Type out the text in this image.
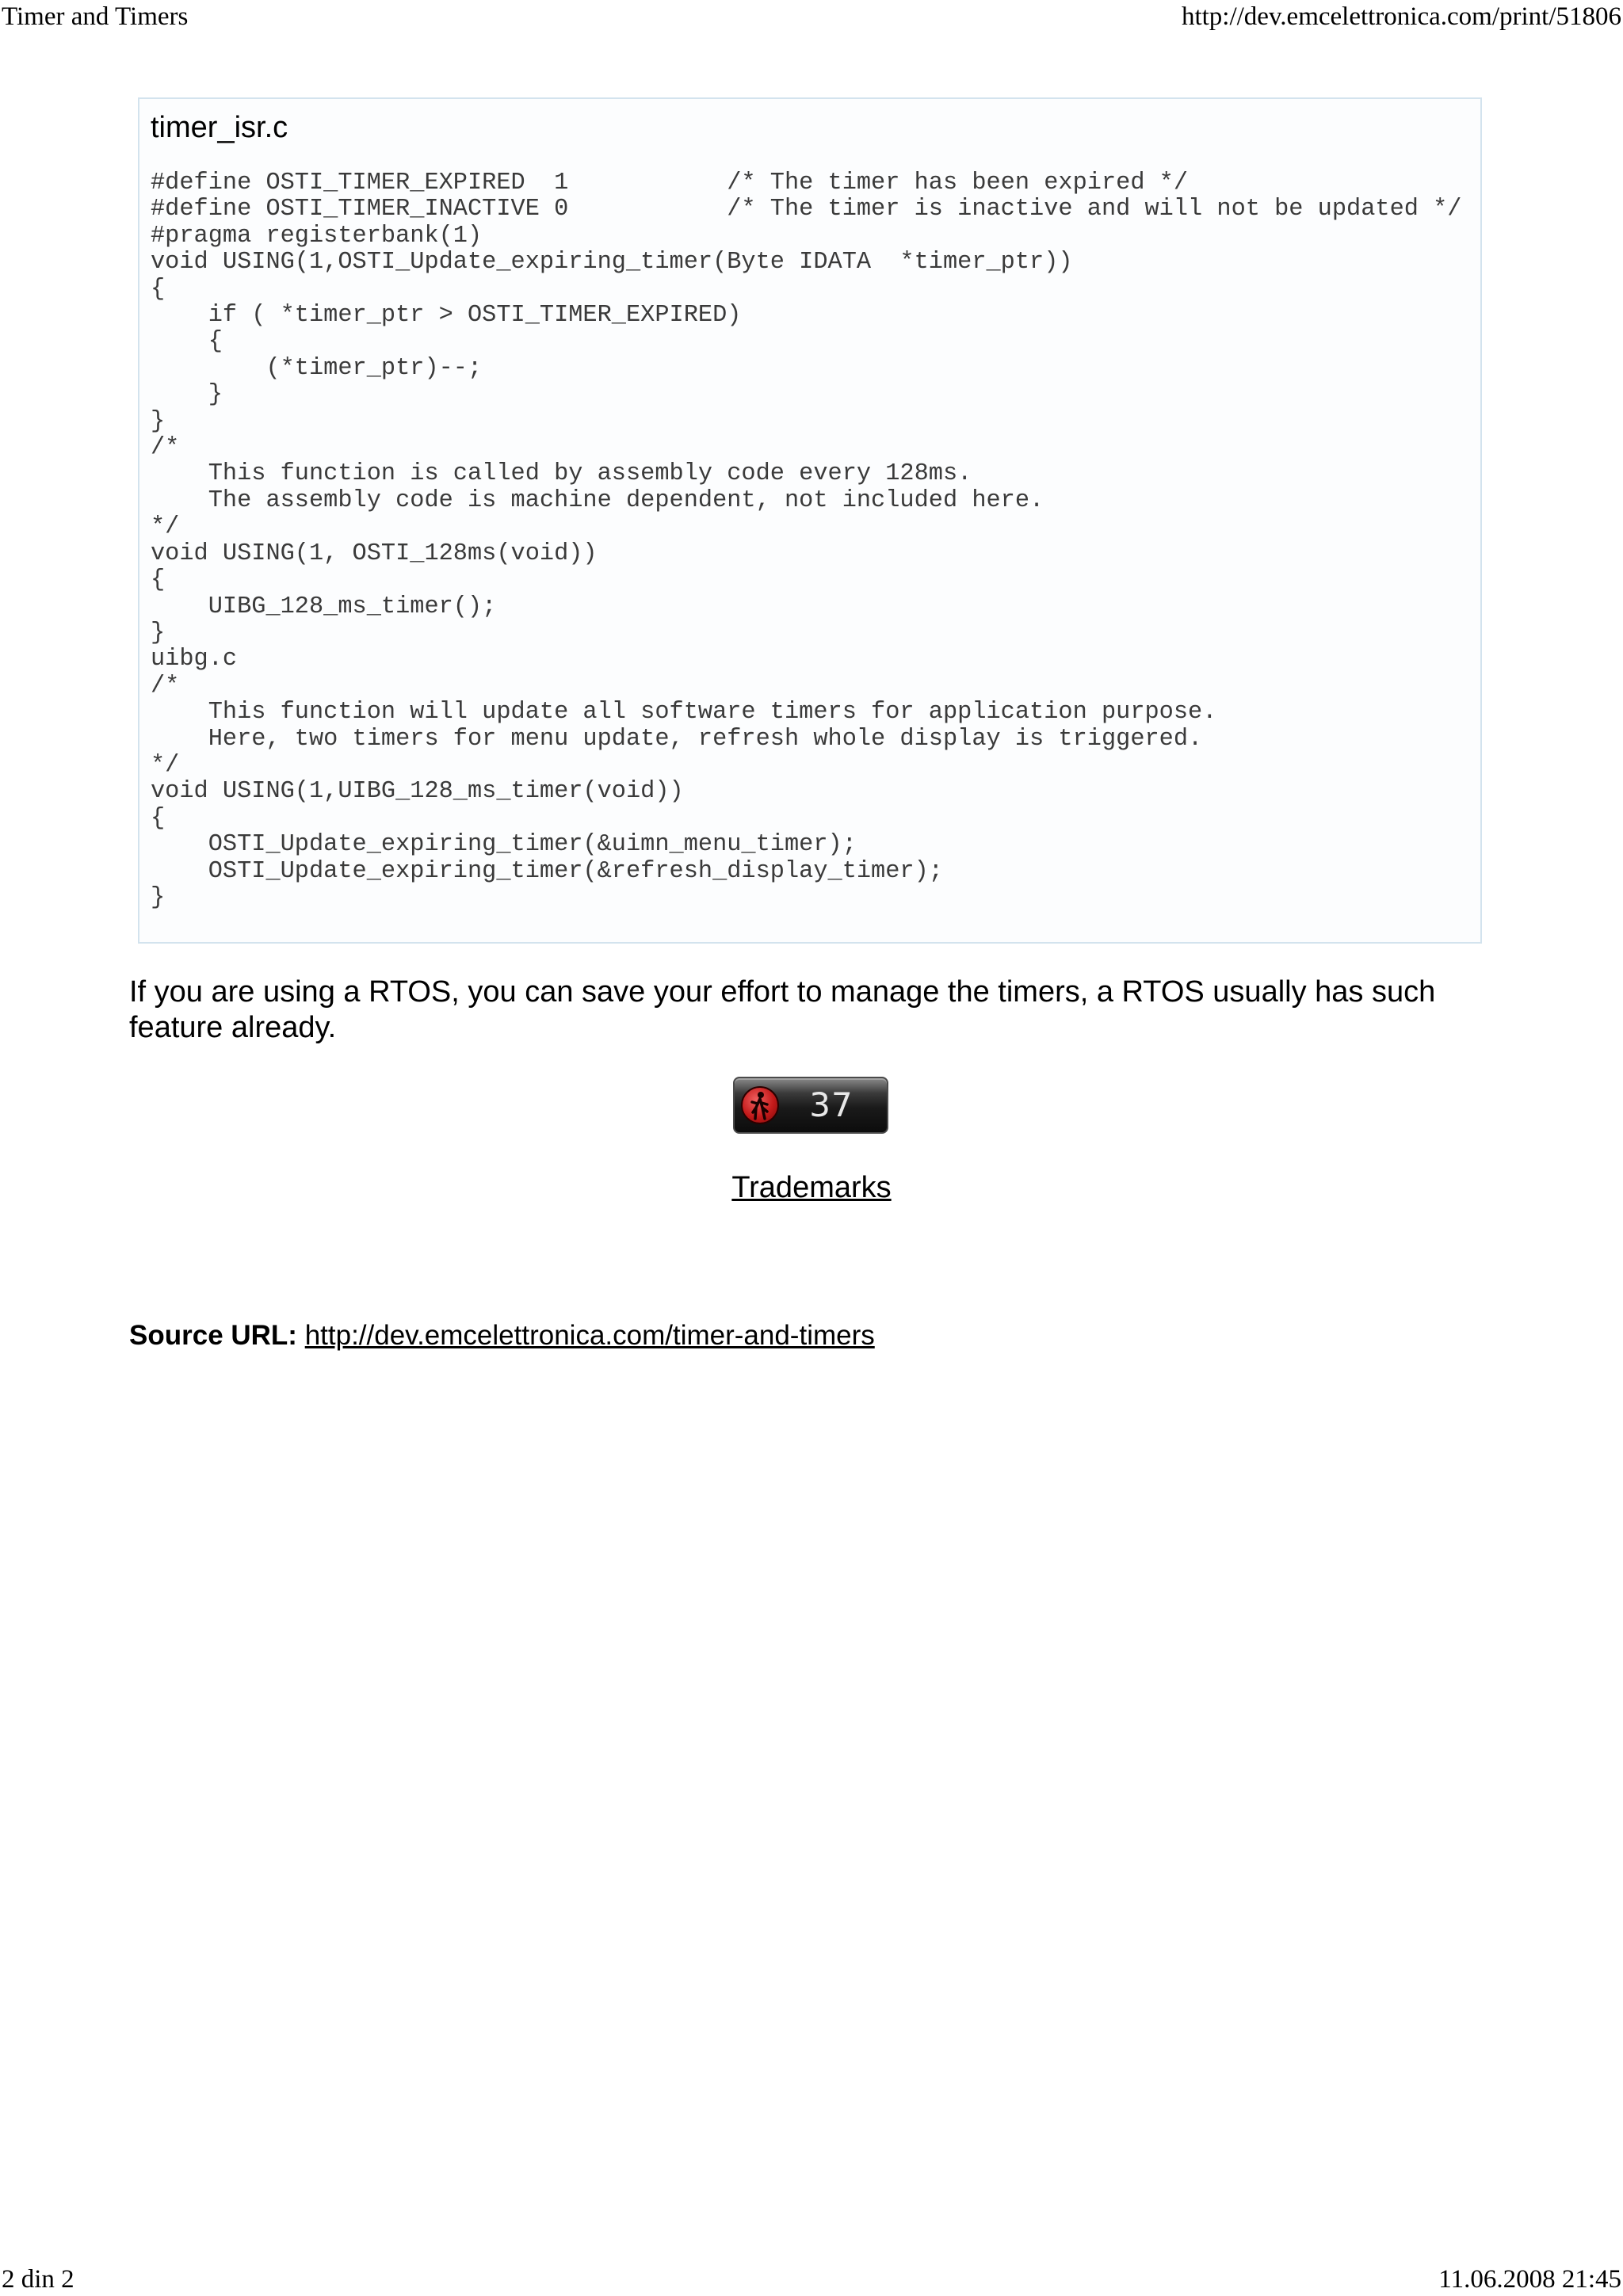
Timer and Timers	http://dev.emcelettronica.com/print/51806
timer_isr.c
#define OSTI_TIMER_EXPIRED  1           /* The timer has been expired */
#define OSTI_TIMER_INACTIVE 0           /* The timer is inactive and will not be updated */
#pragma registerbank(1)
void USING(1,OSTI_Update_expiring_timer(Byte IDATA  *timer_ptr))
{
if ( *timer_ptr > OSTI_TIMER_EXPIRED)
{
(*timer_ptr)--;
}
}
/*
This function is called by assembly code every 128ms.
The assembly code is machine dependent, not included here.
*/
void USING(1, OSTI_128ms(void))
{
UIBG_128_ms_timer();
}
uibg.c
/*
This function will update all software timers for application purpose.
Here, two timers for menu update, refresh whole display is triggered.
*/
void USING(1,UIBG_128_ms_timer(void))
{
OSTI_Update_expiring_timer(&uimn_menu_timer);
OSTI_Update_expiring_timer(&refresh_display_timer);
}
If you are using a RTOS, you can save your effort to manage the timers, a RTOS usually has such feature already.
37
Trademarks
Source URL: http://dev.emcelettronica.com/timer-and-timers
2 din 2	11.06.2008 21:45
